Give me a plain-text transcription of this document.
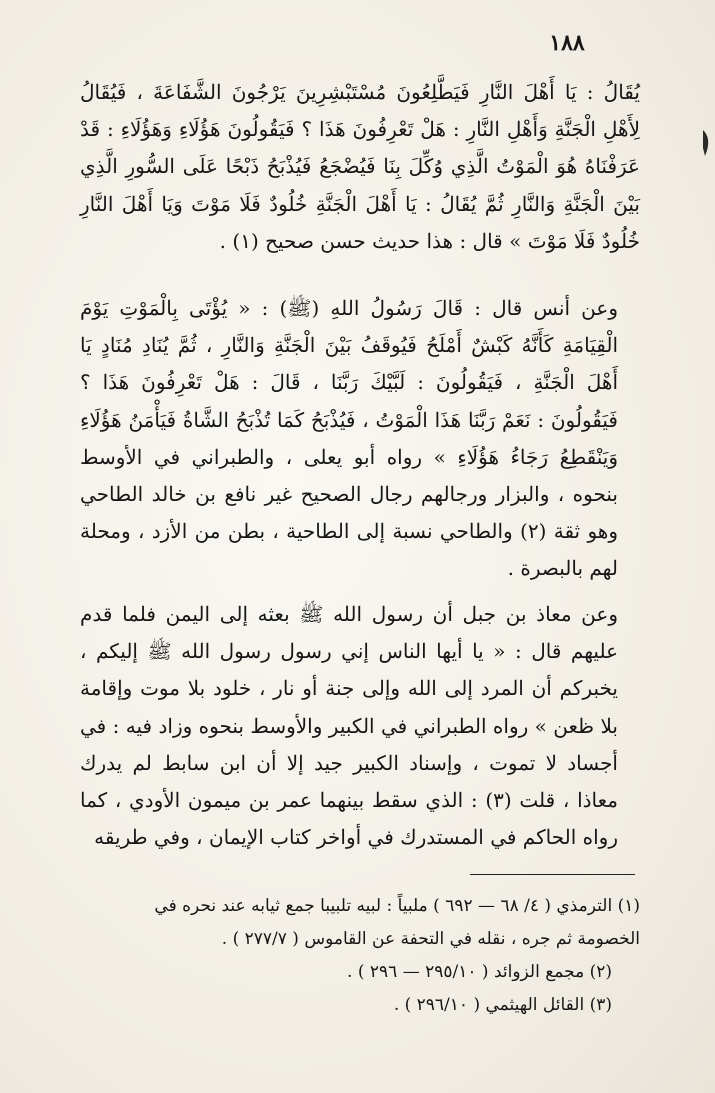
١٨٨
يُقَالُ : يَا أَهْلَ النَّارِ فَيَطَّلِعُونَ مُسْتَبْشِرِينَ يَرْجُونَ الشَّفَاعَةَ ، فَيُقَالُ لِأَهْلِ الْجَنَّةِ وَأَهْلِ النَّارِ : هَلْ تَعْرِفُونَ هَذَا ؟ فَيَقُولُونَ هَؤُلَاءِ وَهَؤُلَاءِ : قَدْ عَرَفْنَاهُ هُوَ الْمَوْتُ الَّذِي وُكِّلَ بِنَا فَيُضْجَعُ فَيُذْبَحُ ذَبْحًا عَلَى السُّورِ الَّذِي بَيْنَ الْجَنَّةِ وَالنَّارِ ثُمَّ يُقَالُ : يَا أَهْلَ الْجَنَّةِ خُلُودٌ فَلَا مَوْتَ وَيَا أَهْلَ النَّارِ خُلُودٌ فَلَا مَوْتَ » قال : هذا حديث حسن صحيح (١) .
وعن أنس قال : قَالَ رَسُولُ اللهِ (ﷺ) : « يُؤْتَى بِالْمَوْتِ يَوْمَ الْقِيَامَةِ كَأَنَّهُ كَبْشٌ أَمْلَحُ فَيُوقَفُ بَيْنَ الْجَنَّةِ وَالنَّارِ ، ثُمَّ يُنَادِ مُنَادٍ يَا أَهْلَ الْجَنَّةِ ، فَيَقُولُونَ : لَبَّيْكَ رَبَّنَا ، قَالَ : هَلْ تَعْرِفُونَ هَذَا ؟ فَيَقُولُونَ : نَعَمْ رَبَّنَا هَذَا الْمَوْتُ ، فَيُذْبَحُ كَمَا تُذْبَحُ الشَّاةُ فَيَأْمَنُ هَؤُلَاءِ وَيَنْقَطِعُ رَجَاءُ هَؤُلَاءِ » رواه أبو يعلى ، والطبراني في الأوسط بنحوه ، والبزار ورجالهم رجال الصحيح غير نافع بن خالد الطاحي وهو ثقة (٢) والطاحي نسبة إلى الطاحية ، بطن من الأزد ، ومحلة لهم بالبصرة .
وعن معاذ بن جبل أن رسول الله ﷺ بعثه إلى اليمن فلما قدم عليهم قال : « يا أيها الناس إني رسول رسول الله ﷺ إليكم ، يخبركم أن المرد إلى الله وإلى جنة أو نار ، خلود بلا موت وإقامة بلا ظعن » رواه الطبراني في الكبير والأوسط بنحوه وزاد فيه : في أجساد لا تموت ، وإسناد الكبير جيد إلا أن ابن سابط لم يدرك معاذا ، قلت (٣) : الذي سقط بينهما عمر بن ميمون الأودي ، كما رواه الحاكم في المستدرك في أواخر كتاب الإيمان ، وفي طريقه
(١) الترمذي ( ٤/ ٦٨ — ٦٩٢ ) ملبياً : لبيه تلبيبا جمع ثيابه عند نحره في
الخصومة ثم جره ، نقله في التحفة عن القاموس ( ٢٧٧/٧ ) .
(٢) مجمع الزوائد ( ٢٩٥/١٠ — ٢٩٦ ) .
(٣) القائل الهيثمي ( ٢٩٦/١٠ ) .
